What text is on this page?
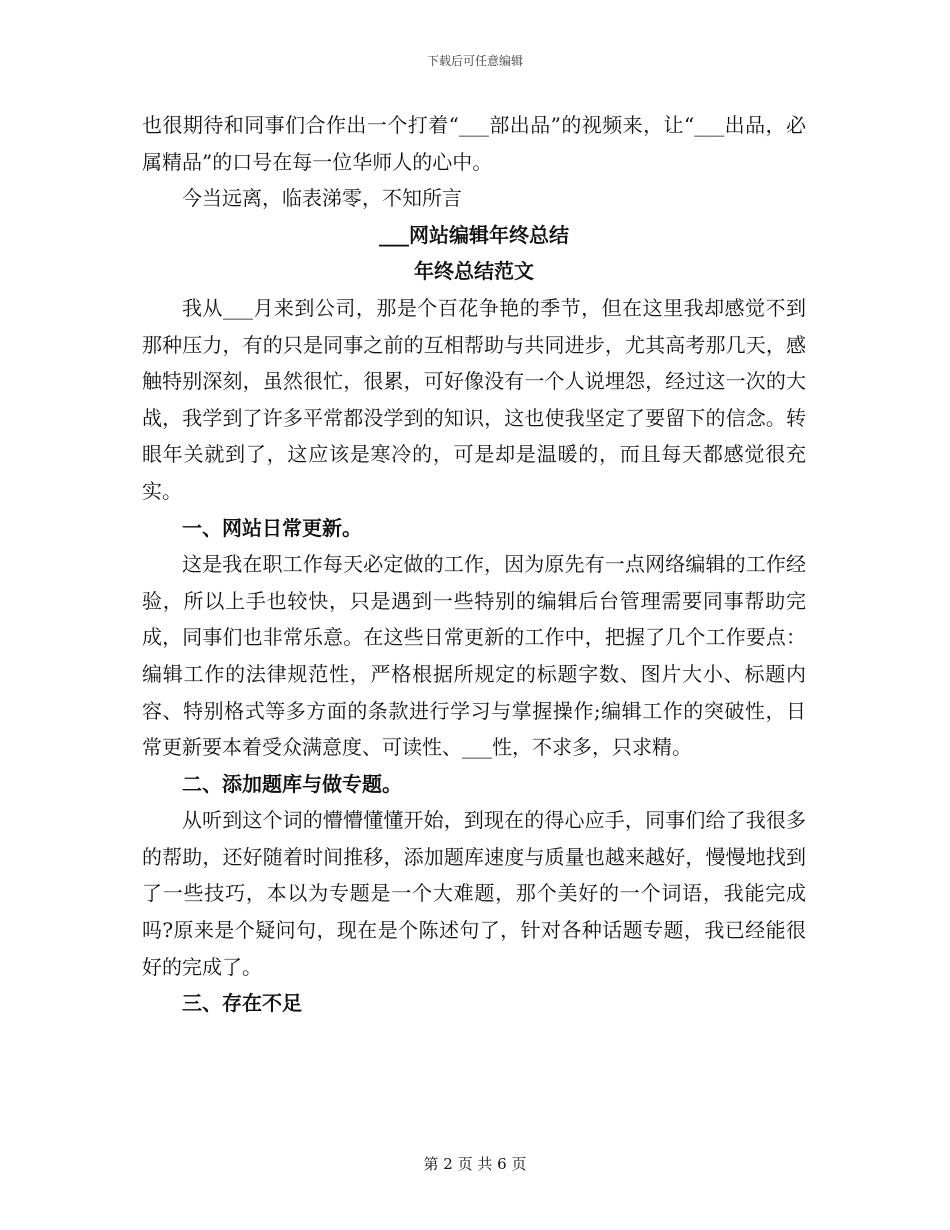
下载后可任意编辑

也很期待和同事们合作出一个打着“___部出品”的视频来，让“___出品，必属精品”的口号在每一位华师人的心中。

今当远离，临表涕零，不知所言

___网站编辑年终总结

年终总结范文

我从___月来到公司，那是个百花争艳的季节，但在这里我却感觉不到那种压力，有的只是同事之前的互相帮助与共同进步，尤其高考那几天，感触特别深刻，虽然很忙，很累，可好像没有一个人说埋怨，经过这一次的大战，我学到了许多平常都没学到的知识，这也使我坚定了要留下的信念。转眼年关就到了，这应该是寒冷的，可是却是温暖的，而且每天都感觉很充实。

一、网站日常更新。

这是我在职工作每天必定做的工作，因为原先有一点网络编辑的工作经验，所以上手也较快，只是遇到一些特别的编辑后台管理需要同事帮助完成，同事们也非常乐意。在这些日常更新的工作中，把握了几个工作要点：编辑工作的法律规范性，严格根据所规定的标题字数、图片大小、标题内容、特别格式等多方面的条款进行学习与掌握操作;编辑工作的突破性，日常更新要本着受众满意度、可读性、___性，不求多，只求精。

二、添加题库与做专题。

从听到这个词的懵懵懂懂开始，到现在的得心应手，同事们给了我很多的帮助，还好随着时间推移，添加题库速度与质量也越来越好，慢慢地找到了一些技巧，本以为专题是一个大难题，那个美好的一个词语，我能完成吗?原来是个疑问句，现在是个陈述句了，针对各种话题专题，我已经能很好的完成了。

三、存在不足

第 2 页 共 6 页
